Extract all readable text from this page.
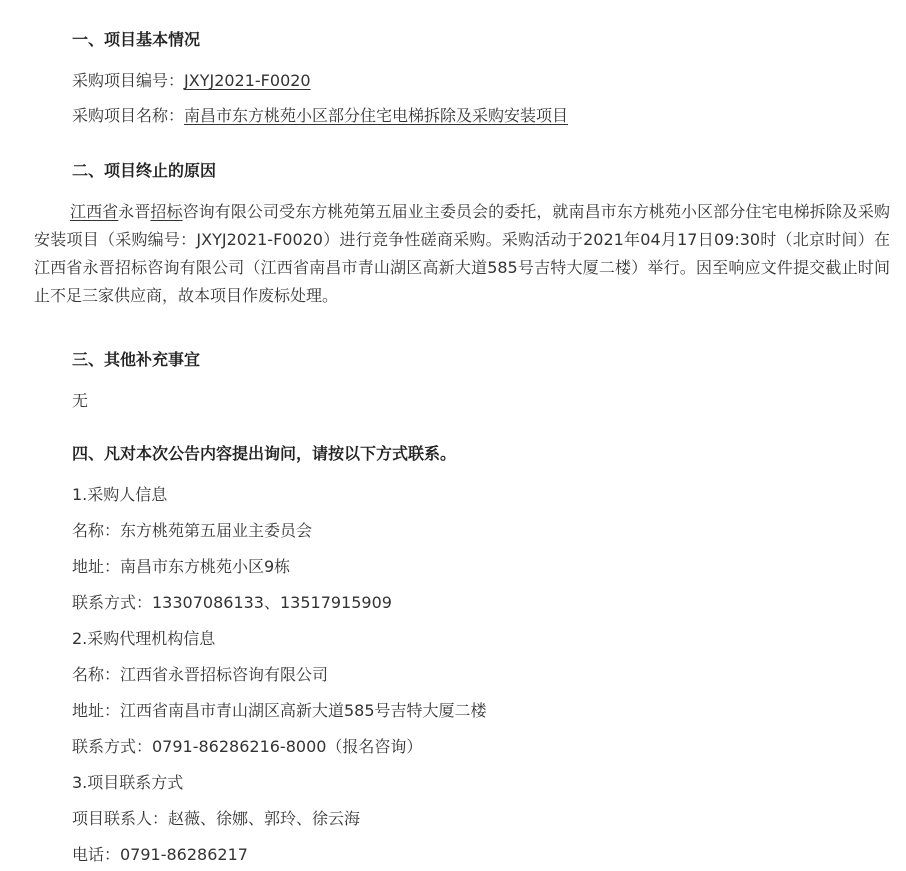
一、项目基本情况
采购项目编号：JXYJ2021-F0020
采购项目名称：南昌市东方桃苑小区部分住宅电梯拆除及采购安装项目
二、项目终止的原因
江西省永晋招标咨询有限公司受东方桃苑第五届业主委员会的委托，就南昌市东方桃苑小区部分住宅电梯拆除及采购安装项目（采购编号：JXYJ2021-F0020）进行竞争性磋商采购。采购活动于2021年04月17日09:30时（北京时间）在江西省永晋招标咨询有限公司（江西省南昌市青山湖区高新大道585号吉特大厦二楼）举行。因至响应文件提交截止时间止不足三家供应商，故本项目作废标处理。
三、其他补充事宜
无
四、凡对本次公告内容提出询问，请按以下方式联系。
1.采购人信息
名称：东方桃苑第五届业主委员会
地址：南昌市东方桃苑小区9栋
联系方式：13307086133、13517915909
2.采购代理机构信息
名称：江西省永晋招标咨询有限公司
地址：江西省南昌市青山湖区高新大道585号吉特大厦二楼
联系方式：0791-86286216-8000（报名咨询）
3.项目联系方式
项目联系人：赵薇、徐娜、郭玲、徐云海
电话：0791-86286217
